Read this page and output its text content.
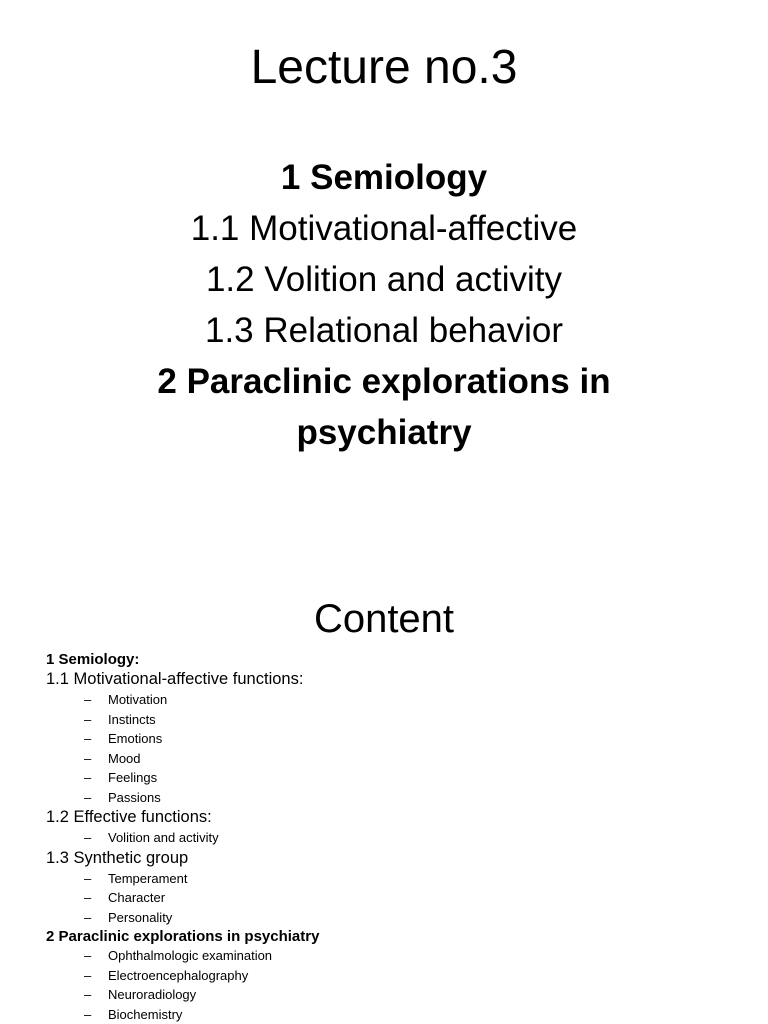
Lecture no.3
1 Semiology
1.1 Motivational-affective
1.2 Volition and activity
1.3 Relational behavior
2 Paraclinic explorations in psychiatry
Content
1 Semiology:
1.1 Motivational-affective functions:
– Motivation
– Instincts
– Emotions
– Mood
– Feelings
– Passions
1.2 Effective functions:
– Volition and activity
1.3 Synthetic group
– Temperament
– Character
– Personality
2 Paraclinic explorations in psychiatry
– Ophthalmologic examination
– Electroencephalography
– Neuroradiology
– Biochemistry
